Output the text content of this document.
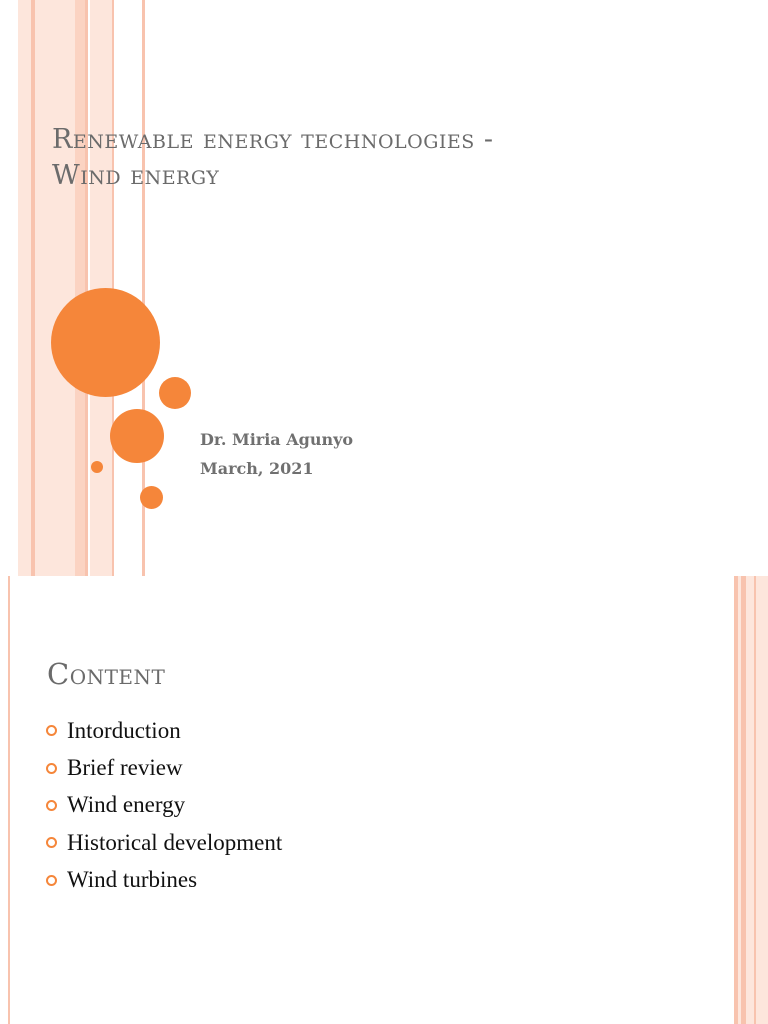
Renewable energy technologies -
Wind energy
Dr. Miria Agunyo
March, 2021
Content
Intorduction
Brief review
Wind energy
Historical development
Wind turbines
